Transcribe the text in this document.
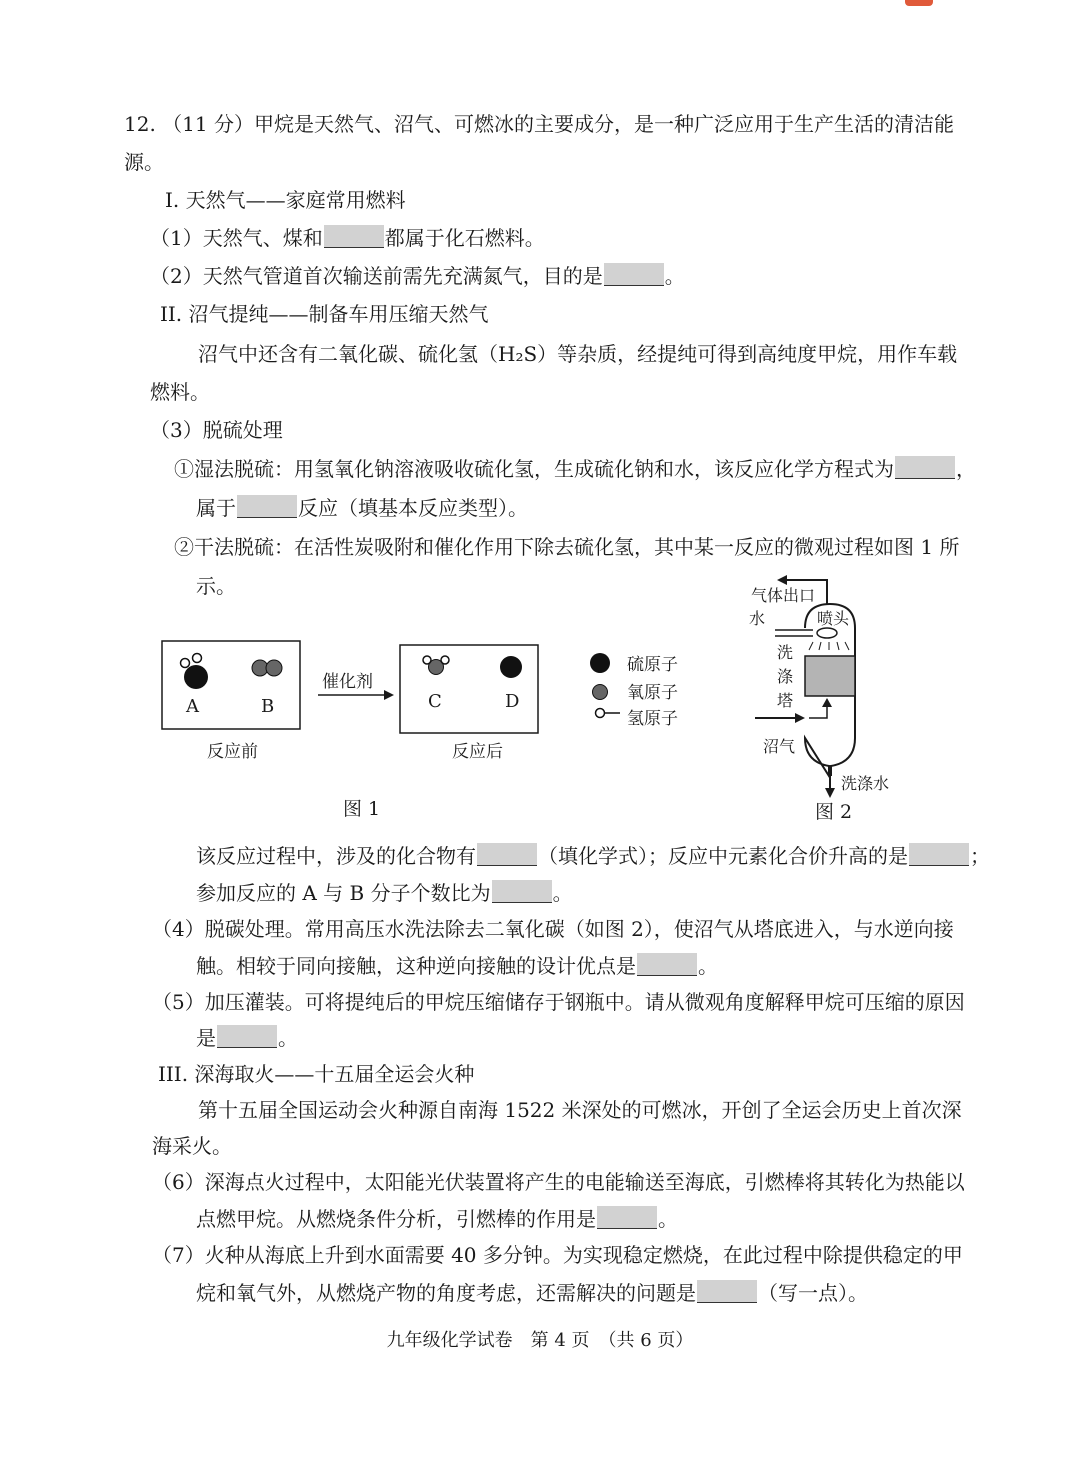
12. （11 分）甲烷是天然气、沼气、可燃冰的主要成分，是一种广泛应用于生产生活的清洁能
源。
I. 天然气——家庭常用燃料
（1）天然气、煤和	都属于化石燃料。
（2）天然气管道首次输送前需先充满氮气，目的是	。
II. 沼气提纯——制备车用压缩天然气
沼气中还含有二氧化碳、硫化氢（H₂S）等杂质，经提纯可得到高纯度甲烷，用作车载
燃料。
（3）脱硫处理
①湿法脱硫：用氢氧化钠溶液吸收硫化氢，生成硫化钠和水，该反应化学方程式为	，
属于	反应（填基本反应类型）。
②干法脱硫：在活性炭吸附和催化作用下除去硫化氢，其中某一反应的微观过程如图 1 所
示。
A	B
催化剂
C	D
硫原子
氧原子
氢原子
反应前	反应后
图 1
气体出口
水	喷头
洗
涤
塔
沼气
洗涤水
图 2
该反应过程中，涉及的化合物有	（填化学式）；反应中元素化合价升高的是	；
参加反应的 A 与 B 分子个数比为	。
（4）脱碳处理。常用高压水洗法除去二氧化碳（如图 2），使沼气从塔底进入，与水逆向接
触。相较于同向接触，这种逆向接触的设计优点是	。
（5）加压灌装。可将提纯后的甲烷压缩储存于钢瓶中。请从微观角度解释甲烷可压缩的原因
是	。
III. 深海取火——十五届全运会火种
第十五届全国运动会火种源自南海 1522 米深处的可燃冰，开创了全运会历史上首次深
海采火。
（6）深海点火过程中，太阳能光伏装置将产生的电能输送至海底，引燃棒将其转化为热能以
点燃甲烷。从燃烧条件分析，引燃棒的作用是	。
（7）火种从海底上升到水面需要 40 多分钟。为实现稳定燃烧，在此过程中除提供稳定的甲
烷和氧气外，从燃烧产物的角度考虑，还需解决的问题是	（写一点）。
九年级化学试卷　第 4 页　（共 6 页）
